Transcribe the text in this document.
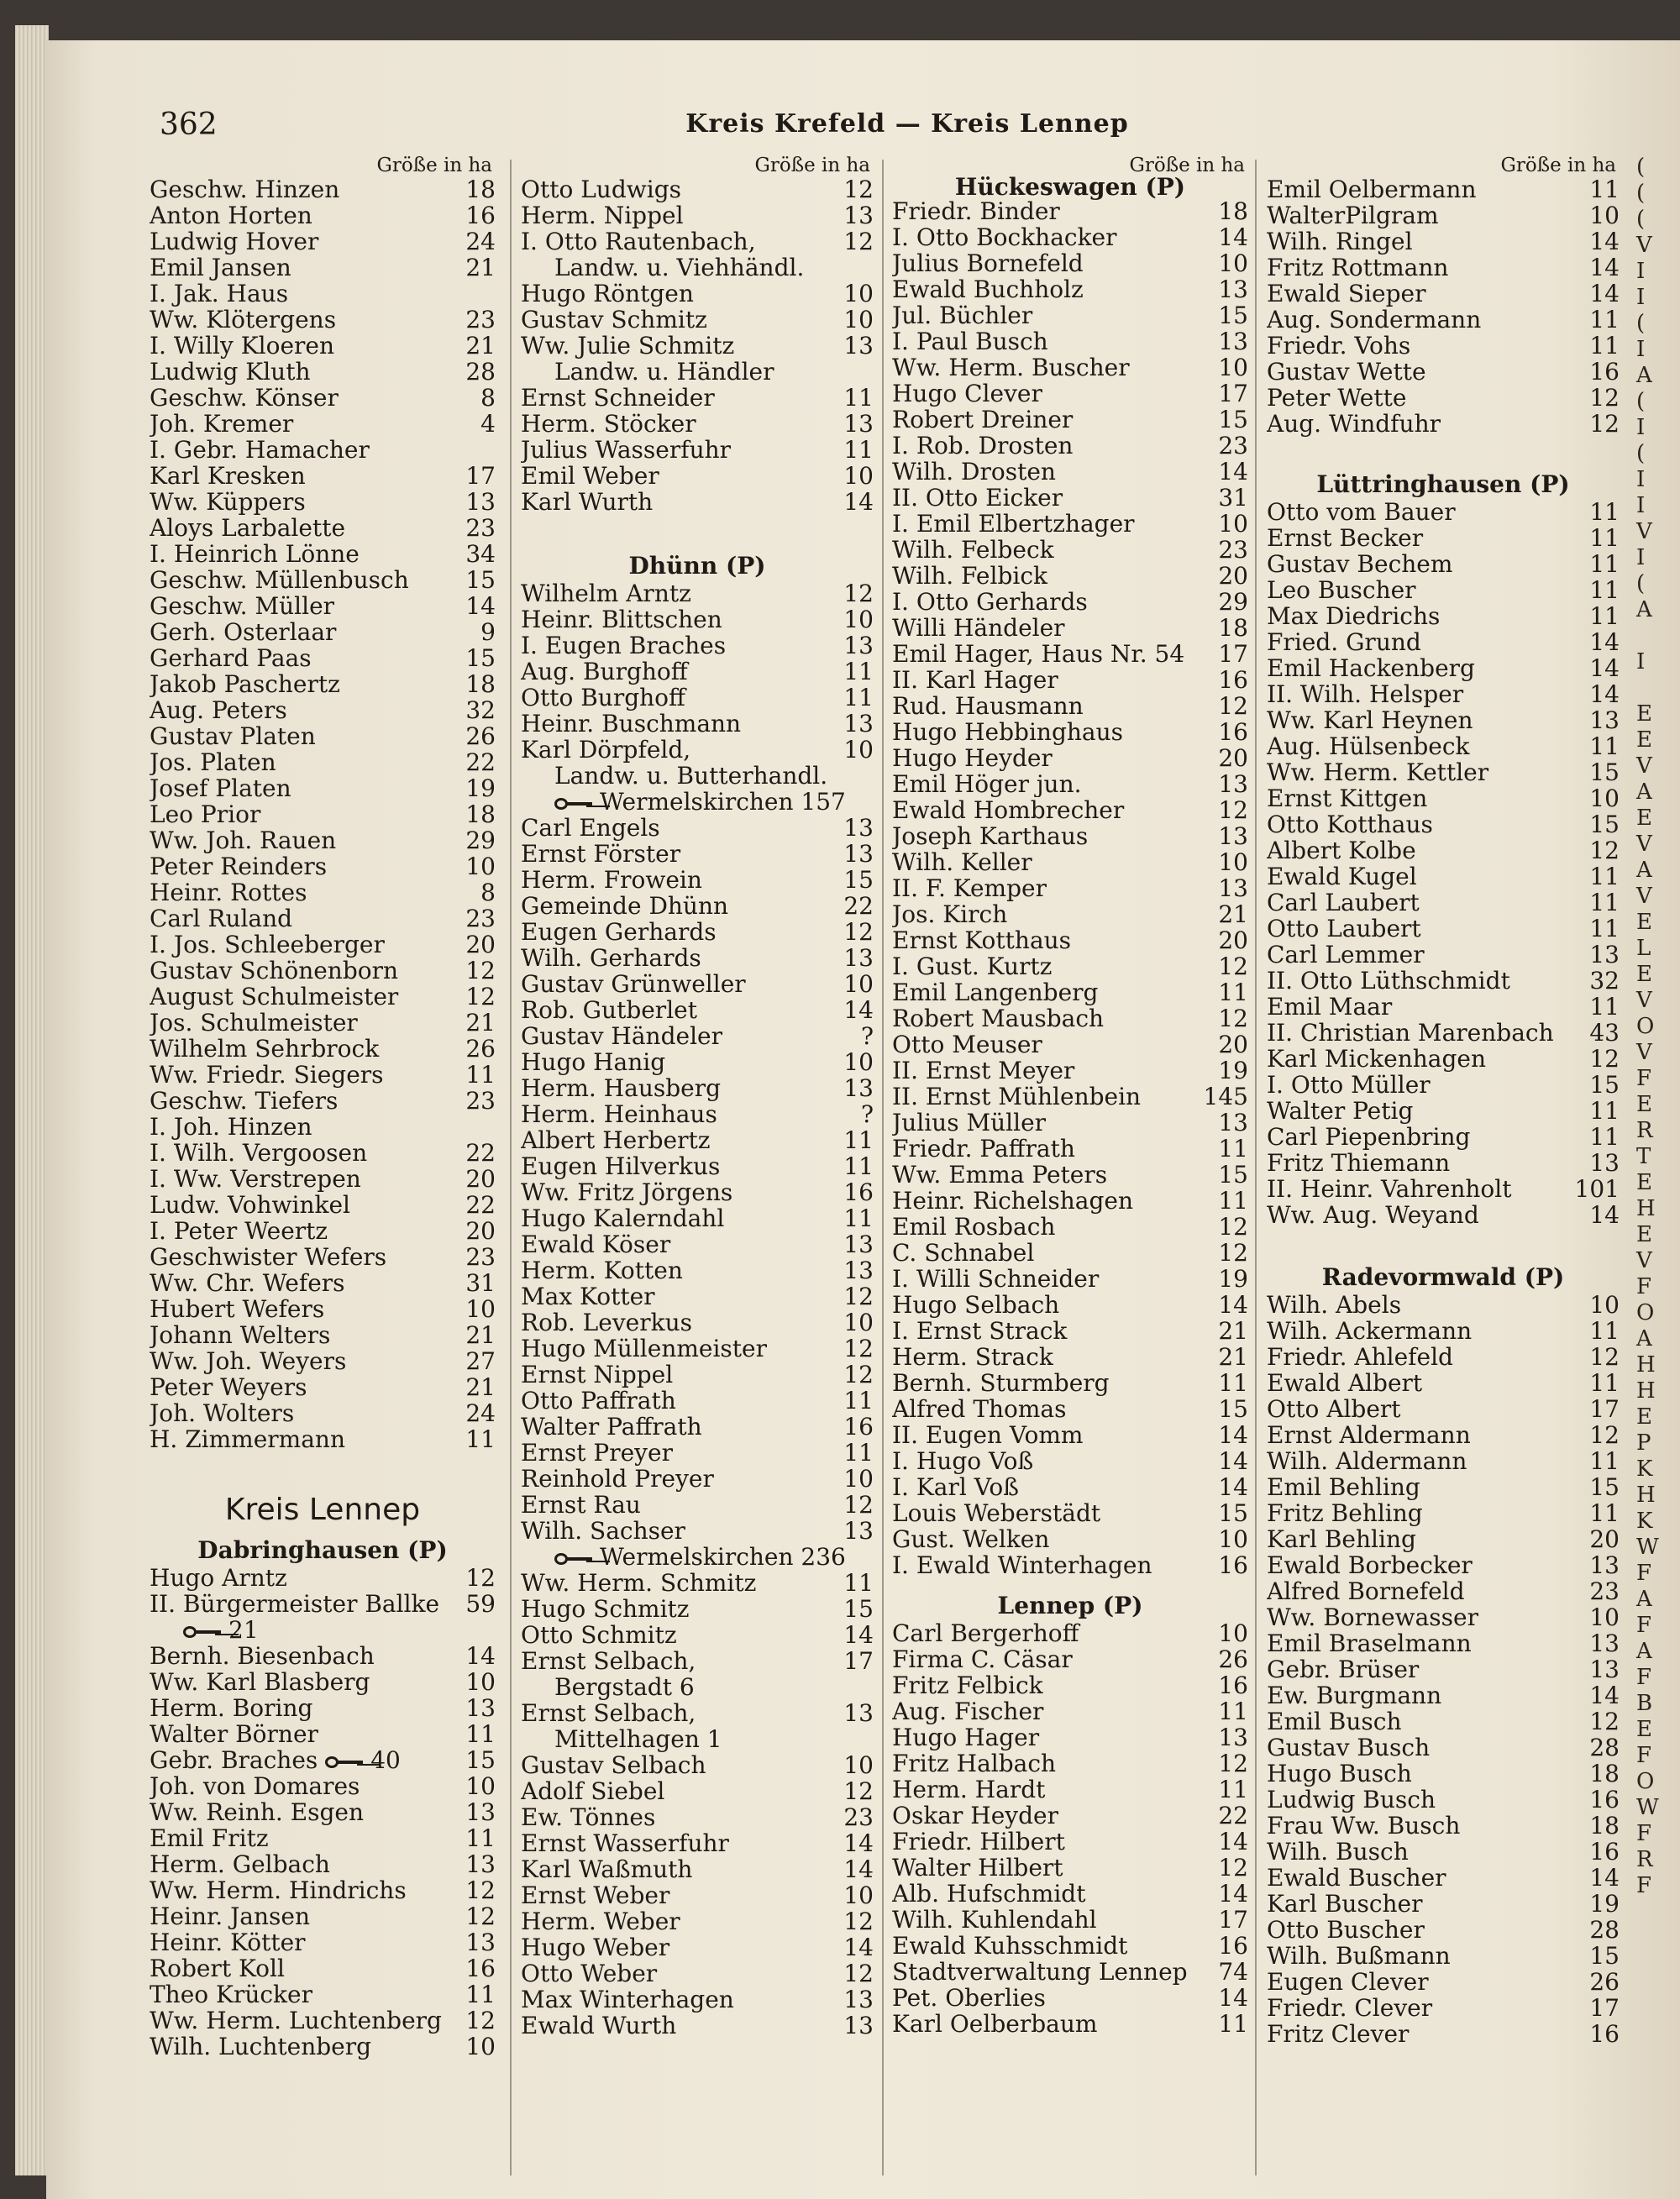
362	Kreis Krefeld — Kreis Lennep
Größe in ha
Geschw. Hinzen	18
Anton Horten	16
Ludwig Hover	24
Emil Jansen	21
I. Jak. Haus
Ww. Klötergens	23
I. Willy Kloeren	21
Ludwig Kluth	28
Geschw. Könser	8
Joh. Kremer	4
I. Gebr. Hamacher
Karl Kresken	17
Ww. Küppers	13
Aloys Larbalette	23
I. Heinrich Lönne	34
Geschw. Müllenbusch	15
Geschw. Müller	14
Gerh. Osterlaar	9
Gerhard Paas	15
Jakob Paschertz	18
Aug. Peters	32
Gustav Platen	26
Jos. Platen	22
Josef Platen	19
Leo Prior	18
Ww. Joh. Rauen	29
Peter Reinders	10
Heinr. Rottes	8
Carl Ruland	23
I. Jos. Schleeberger	20
Gustav Schönenborn	12
August Schulmeister	12
Jos. Schulmeister	21
Wilhelm Sehrbrock	26
Ww. Friedr. Siegers	11
Geschw. Tiefers	23
I. Joh. Hinzen
I. Wilh. Vergoosen	22
I. Ww. Verstrepen	20
Ludw. Vohwinkel	22
I. Peter Weertz	20
Geschwister Wefers	23
Ww. Chr. Wefers	31
Hubert Wefers	10
Johann Welters	21
Ww. Joh. Weyers	27
Peter Weyers	21
Joh. Wolters	24
H. Zimmermann	11
Kreis Lennep
Dabringhausen (P)
Hugo Arntz	12
II. Bürgermeister Ballke	59
21
Bernh. Biesenbach	14
Ww. Karl Blasberg	10
Herm. Boring	13
Walter Börner	11
Gebr. Braches 40	15
Joh. von Domares	10
Ww. Reinh. Esgen	13
Emil Fritz	11
Herm. Gelbach	13
Ww. Herm. Hindrichs	12
Heinr. Jansen	12
Heinr. Kötter	13
Robert Koll	16
Theo Krücker	11
Ww. Herm. Luchtenberg	12
Wilh. Luchtenberg	10
Größe in ha
Otto Ludwigs	12
Herm. Nippel	13
I. Otto Rautenbach,	12
Landw. u. Viehhändl.
Hugo Röntgen	10
Gustav Schmitz	10
Ww. Julie Schmitz	13
Landw. u. Händler
Ernst Schneider	11
Herm. Stöcker	13
Julius Wasserfuhr	11
Emil Weber	10
Karl Wurth	14
Dhünn (P)
Wilhelm Arntz	12
Heinr. Blittschen	10
I. Eugen Braches	13
Aug. Burghoff	11
Otto Burghoff	11
Heinr. Buschmann	13
Karl Dörpfeld,	10
Landw. u. Butterhandl.
Wermelskirchen 157
Carl Engels	13
Ernst Förster	13
Herm. Frowein	15
Gemeinde Dhünn	22
Eugen Gerhards	12
Wilh. Gerhards	13
Gustav Grünweller	10
Rob. Gutberlet	14
Gustav Händeler	?
Hugo Hanig	10
Herm. Hausberg	13
Herm. Heinhaus	?
Albert Herbertz	11
Eugen Hilverkus	11
Ww. Fritz Jörgens	16
Hugo Kalerndahl	11
Ewald Köser	13
Herm. Kotten	13
Max Kotter	12
Rob. Leverkus	10
Hugo Müllenmeister	12
Ernst Nippel	12
Otto Paffrath	11
Walter Paffrath	16
Ernst Preyer	11
Reinhold Preyer	10
Ernst Rau	12
Wilh. Sachser	13
Wermelskirchen 236
Ww. Herm. Schmitz	11
Hugo Schmitz	15
Otto Schmitz	14
Ernst Selbach,	17
Bergstadt 6
Ernst Selbach,	13
Mittelhagen 1
Gustav Selbach	10
Adolf Siebel	12
Ew. Tönnes	23
Ernst Wasserfuhr	14
Karl Waßmuth	14
Ernst Weber	10
Herm. Weber	12
Hugo Weber	14
Otto Weber	12
Max Winterhagen	13
Ewald Wurth	13
Größe in ha
Hückeswagen (P)
Friedr. Binder	18
I. Otto Bockhacker	14
Julius Bornefeld	10
Ewald Buchholz	13
Jul. Büchler	15
I. Paul Busch	13
Ww. Herm. Buscher	10
Hugo Clever	17
Robert Dreiner	15
I. Rob. Drosten	23
Wilh. Drosten	14
II. Otto Eicker	31
I. Emil Elbertzhager	10
Wilh. Felbeck	23
Wilh. Felbick	20
I. Otto Gerhards	29
Willi Händeler	18
Emil Hager, Haus Nr. 54	17
II. Karl Hager	16
Rud. Hausmann	12
Hugo Hebbinghaus	16
Hugo Heyder	20
Emil Höger jun.	13
Ewald Hombrecher	12
Joseph Karthaus	13
Wilh. Keller	10
II. F. Kemper	13
Jos. Kirch	21
Ernst Kotthaus	20
I. Gust. Kurtz	12
Emil Langenberg	11
Robert Mausbach	12
Otto Meuser	20
II. Ernst Meyer	19
II. Ernst Mühlenbein	145
Julius Müller	13
Friedr. Paffrath	11
Ww. Emma Peters	15
Heinr. Richelshagen	11
Emil Rosbach	12
C. Schnabel	12
I. Willi Schneider	19
Hugo Selbach	14
I. Ernst Strack	21
Herm. Strack	21
Bernh. Sturmberg	11
Alfred Thomas	15
II. Eugen Vomm	14
I. Hugo Voß	14
I. Karl Voß	14
Louis Weberstädt	15
Gust. Welken	10
I. Ewald Winterhagen	16
Lennep (P)
Carl Bergerhoff	10
Firma C. Cäsar	26
Fritz Felbick	16
Aug. Fischer	11
Hugo Hager	13
Fritz Halbach	12
Herm. Hardt	11
Oskar Heyder	22
Friedr. Hilbert	14
Walter Hilbert	12
Alb. Hufschmidt	14
Wilh. Kuhlendahl	17
Ewald Kuhsschmidt	16
Stadtverwaltung Lennep	74
Pet. Oberlies	14
Karl Oelberbaum	11
Größe in ha
Emil Oelbermann	11
WalterPilgram	10
Wilh. Ringel	14
Fritz Rottmann	14
Ewald Sieper	14
Aug. Sondermann	11
Friedr. Vohs	11
Gustav Wette	16
Peter Wette	12
Aug. Windfuhr	12
Lüttringhausen (P)
Otto vom Bauer	11
Ernst Becker	11
Gustav Bechem	11
Leo Buscher	11
Max Diedrichs	11
Fried. Grund	14
Emil Hackenberg	14
II. Wilh. Helsper	14
Ww. Karl Heynen	13
Aug. Hülsenbeck	11
Ww. Herm. Kettler	15
Ernst Kittgen	10
Otto Kotthaus	15
Albert Kolbe	12
Ewald Kugel	11
Carl Laubert	11
Otto Laubert	11
Carl Lemmer	13
II. Otto Lüthschmidt	32
Emil Maar	11
II. Christian Marenbach	43
Karl Mickenhagen	12
I. Otto Müller	15
Walter Petig	11
Carl Piepenbring	11
Fritz Thiemann	13
II. Heinr. Vahrenholt	101
Ww. Aug. Weyand	14
Radevormwald (P)
Wilh. Abels	10
Wilh. Ackermann	11
Friedr. Ahlefeld	12
Ewald Albert	11
Otto Albert	17
Ernst Aldermann	12
Wilh. Aldermann	11
Emil Behling	15
Fritz Behling	11
Karl Behling	20
Ewald Borbecker	13
Alfred Bornefeld	23
Ww. Bornewasser	10
Emil Braselmann	13
Gebr. Brüser	13
Ew. Burgmann	14
Emil Busch	12
Gustav Busch	28
Hugo Busch	18
Ludwig Busch	16
Frau Ww. Busch	18
Wilh. Busch	16
Ewald Buscher	14
Karl Buscher	19
Otto Buscher	28
Wilh. Bußmann	15
Eugen Clever	26
Friedr. Clever	17
Fritz Clever	16
(
(
(
V
I
I
(
I
A
(
I
(
I
I
V
I
(
A
I
E
E
V
A
E
V
A
V
E
L
E
V
O
V
F
E
R
T
E
H
E
V
F
O
A
H
H
E
P
K
H
K
W
F
A
F
A
F
B
E
F
O
W
F
R
F
